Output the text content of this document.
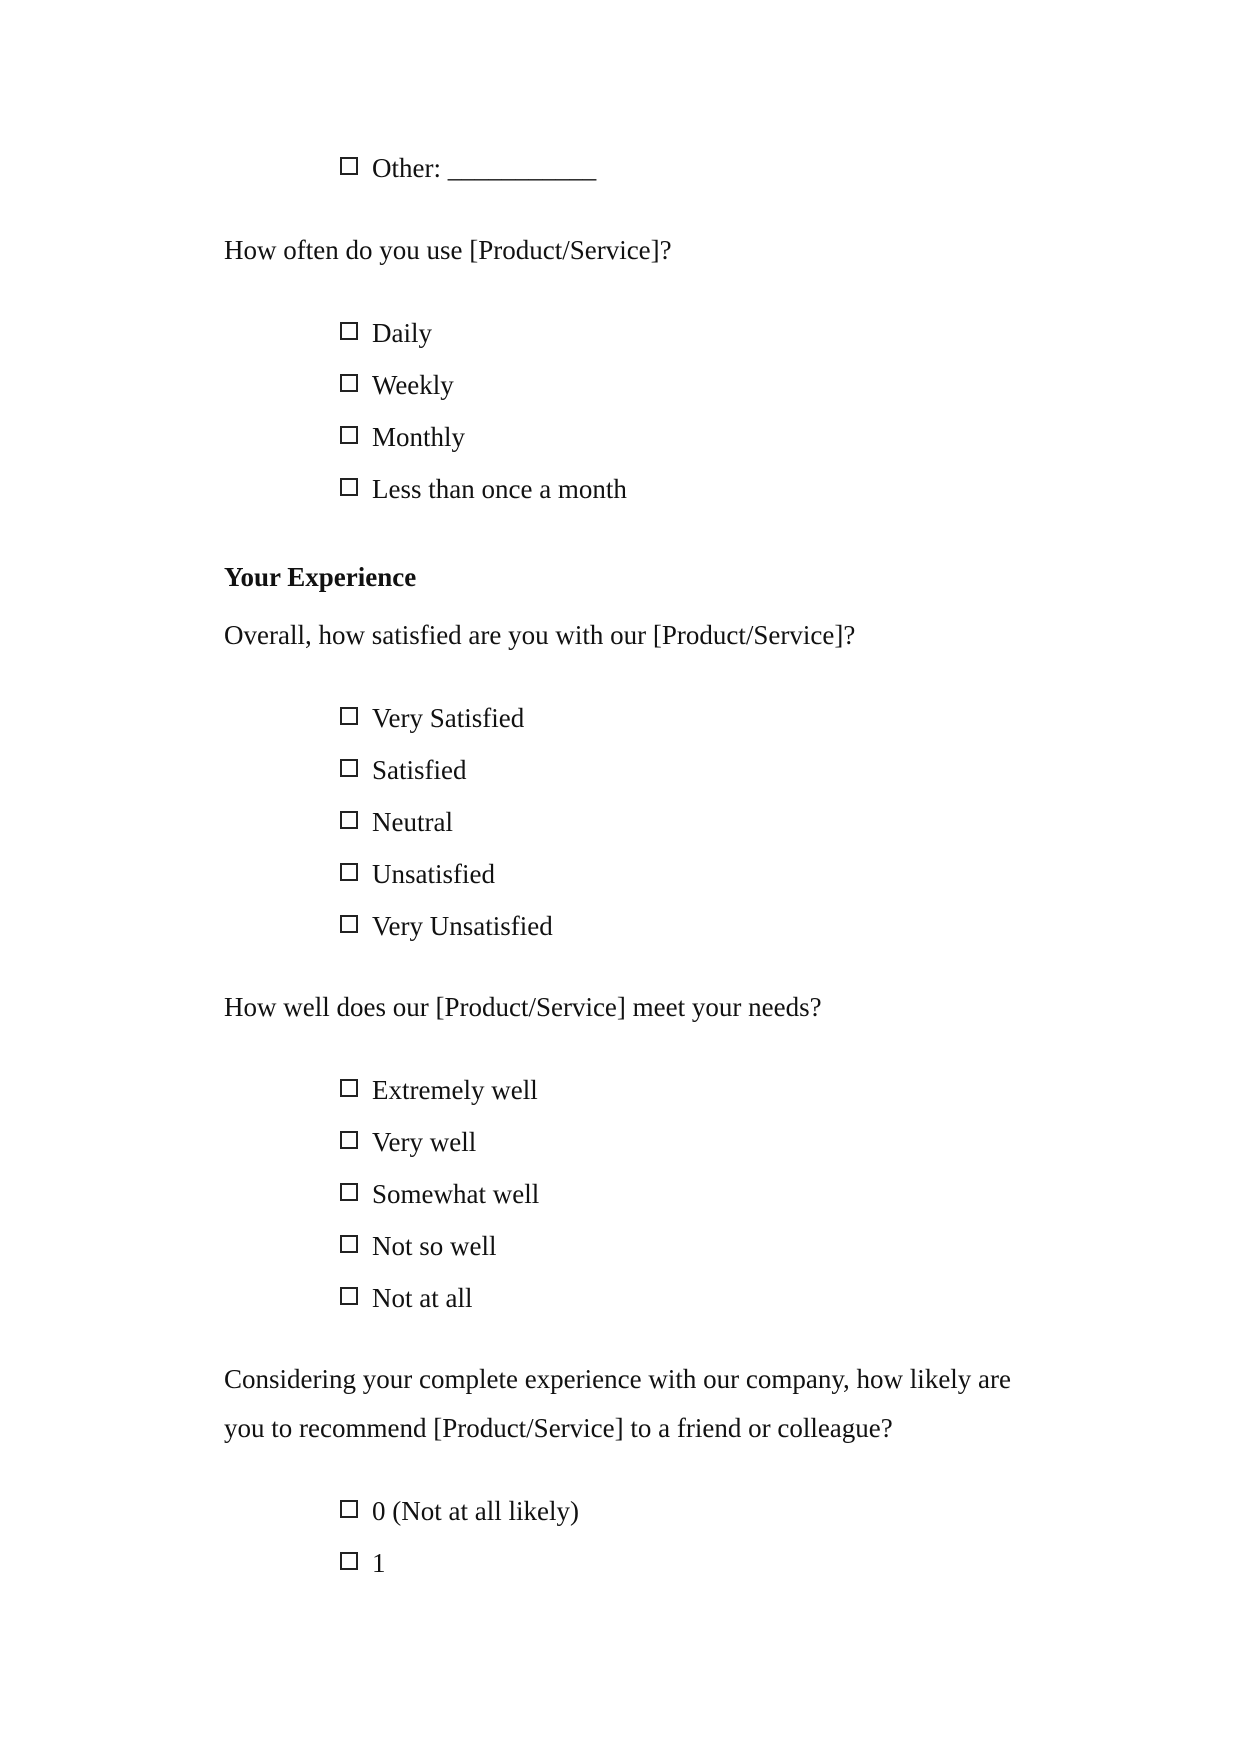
Other: ___________
How often do you use [Product/Service]?
Daily
Weekly
Monthly
Less than once a month
Your Experience
Overall, how satisfied are you with our [Product/Service]?
Very Satisfied
Satisfied
Neutral
Unsatisfied
Very Unsatisfied
How well does our [Product/Service] meet your needs?
Extremely well
Very well
Somewhat well
Not so well
Not at all
Considering your complete experience with our company, how likely are
you to recommend [Product/Service] to a friend or colleague?
0 (Not at all likely)
1
